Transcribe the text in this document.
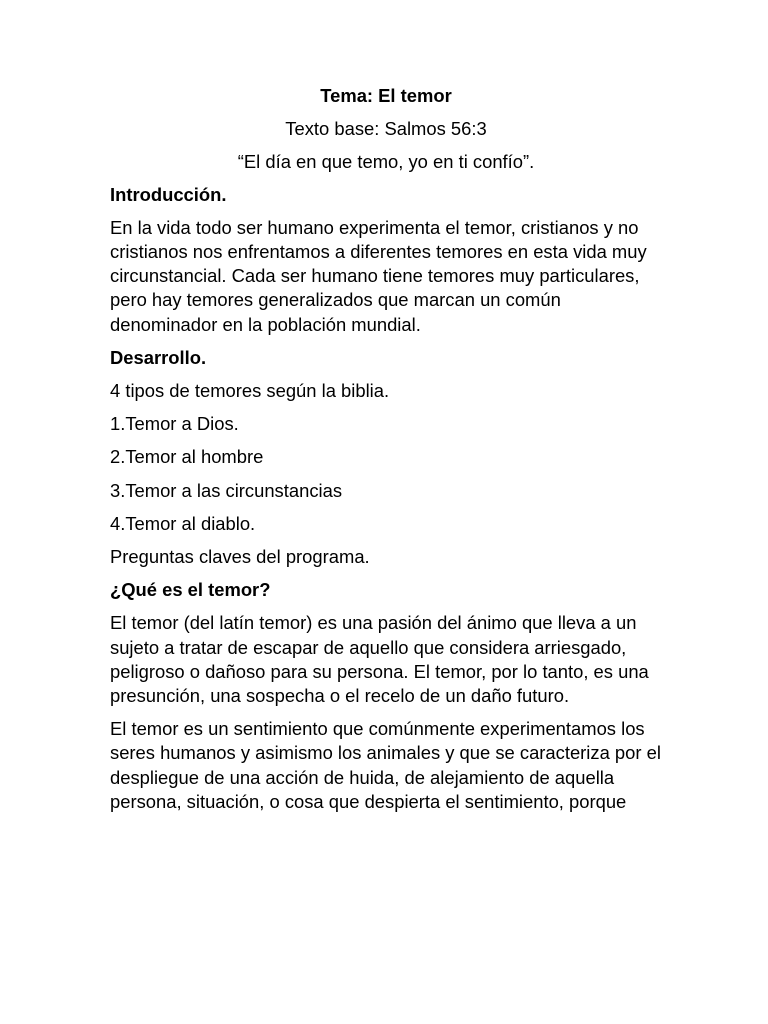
Tema: El temor

Texto base: Salmos 56:3

“El día en que temo, yo en ti confío”.

Introducción.

En la vida todo ser humano experimenta el temor, cristianos y no cristianos nos enfrentamos a diferentes temores en esta vida muy circunstancial. Cada ser humano tiene temores muy particulares, pero hay temores generalizados que marcan un común denominador en la población mundial.

Desarrollo.

4 tipos de temores según la biblia.

1.Temor a Dios.

2.Temor al hombre

3.Temor a las circunstancias

4.Temor al diablo.

Preguntas claves del programa.

¿Qué es el temor?

El temor (del latín temor) es una pasión del ánimo que lleva a un sujeto a tratar de escapar de aquello que considera arriesgado, peligroso o dañoso para su persona. El temor, por lo tanto, es una presunción, una sospecha o el recelo de un daño futuro.

El temor es un sentimiento que comúnmente experimentamos los seres humanos y asimismo los animales y que se caracteriza por el despliegue de una acción de huida, de alejamiento de aquella persona, situación, o cosa que despierta el sentimiento, porque
